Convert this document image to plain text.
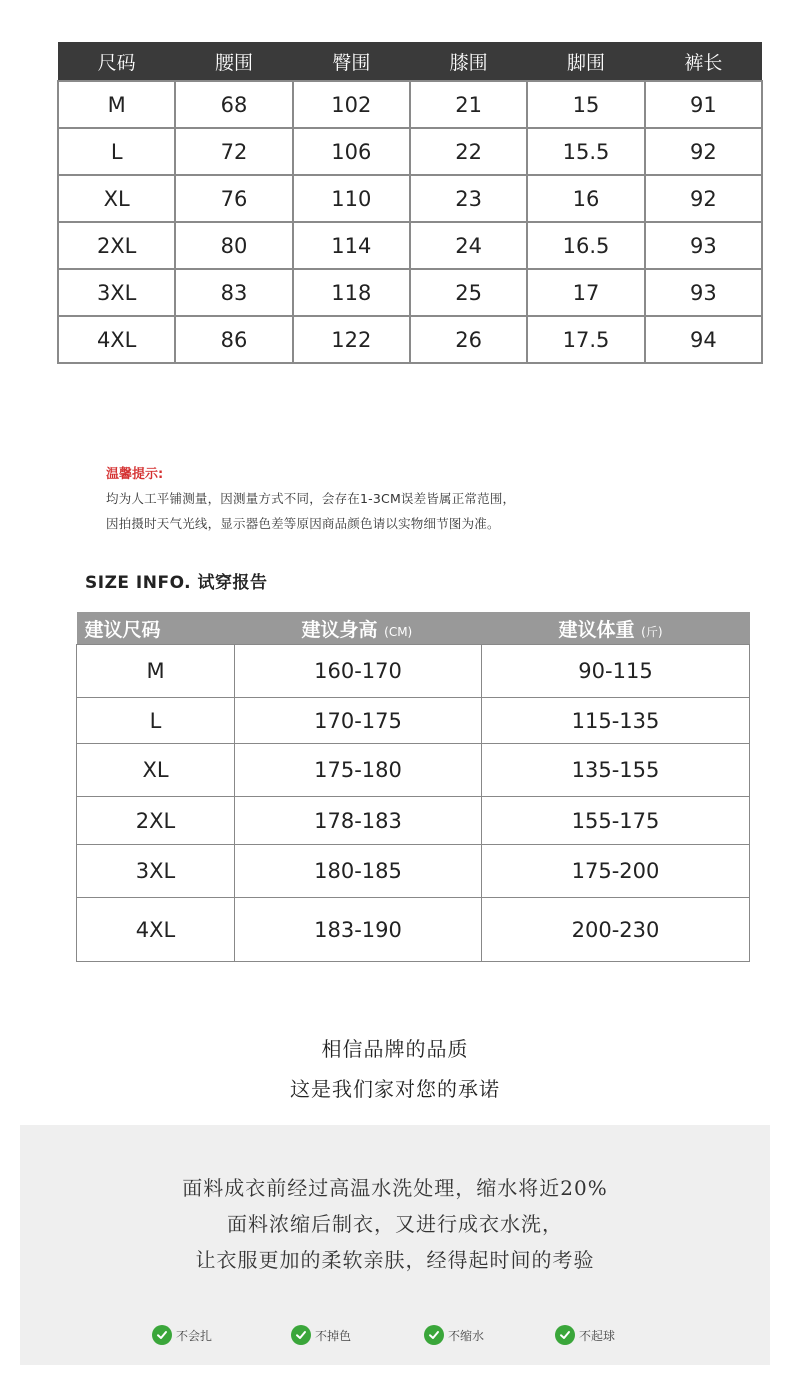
尺码	腰围	臀围	膝围	脚围	裤长
M	68	102	21	15	91
L	72	106	22	15.5	92
XL	76	110	23	16	92
2XL	80	114	24	16.5	93
3XL	83	118	25	17	93
4XL	86	122	26	17.5	94
温馨提示:
均为人工平铺测量，因测量方式不同，会存在1-3CM误差皆属正常范围，
因拍摄时天气光线，显示器色差等原因商品颜色请以实物细节图为准。
SIZE INFO. 试穿报告
建议尺码	建议身高 (CM)	建议体重 (斤)
M	160-170	90-115
L	170-175	115-135
XL	175-180	135-155
2XL	178-183	155-175
3XL	180-185	175-200
4XL	183-190	200-230
相信品牌的品质
这是我们家对您的承诺
面料成衣前经过高温水洗处理，缩水将近20%
面料浓缩后制衣，又进行成衣水洗，
让衣服更加的柔软亲肤，经得起时间的考验
不会扎	不掉色	不缩水	不起球
